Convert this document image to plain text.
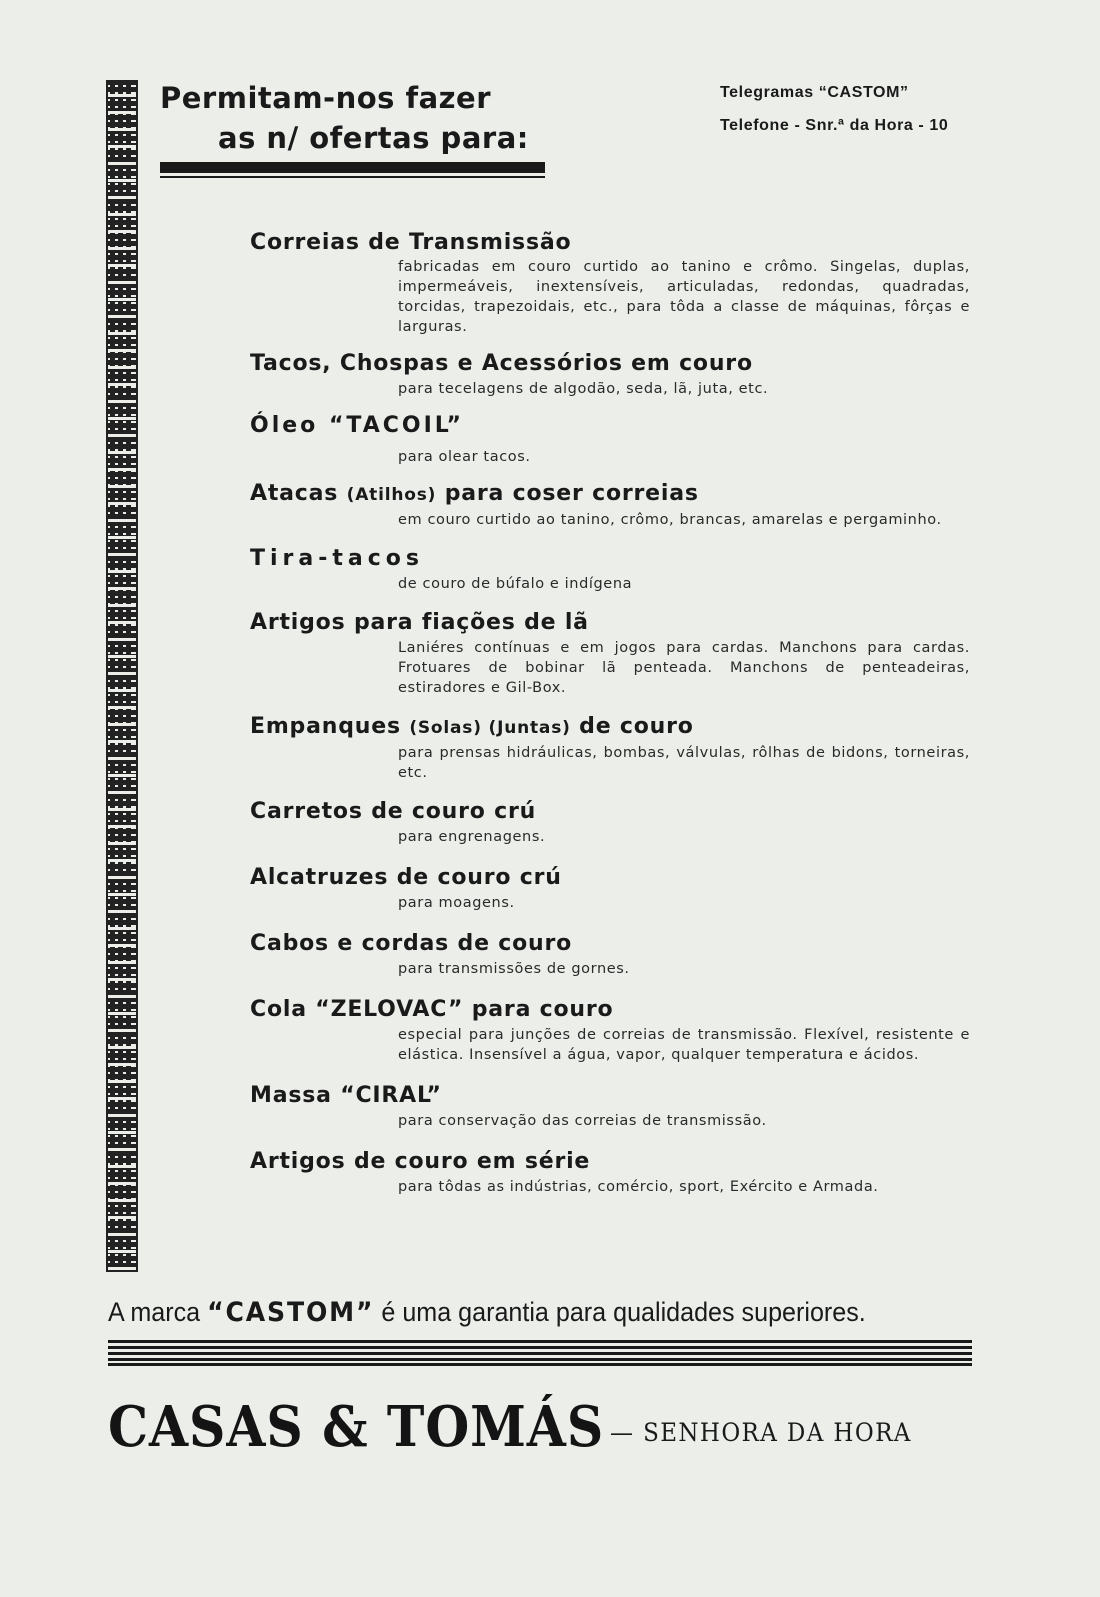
Permitam-nos fazer
as n/ ofertas para:
Telegramas “CASTOM”
Telefone - Snr.ª da Hora - 10
Correias de Transmissão
fabricadas em couro curtido ao tanino e crômo. Singelas, duplas, impermeáveis, inextensíveis, articuladas, redondas, quadradas, torcidas, trapezoidais, etc., para tôda a classe de máquinas, fôrças e larguras.
Tacos, Chospas e Acessórios em couro
para tecelagens de algodão, seda, lã, juta, etc.
Óleo “TACOIL”
para olear tacos.
Atacas (Atilhos) para coser correias
em couro curtido ao tanino, crômo, brancas, amarelas e pergaminho.
Tira-tacos
de couro de búfalo e indígena
Artigos para fiações de lã
Laniéres contínuas e em jogos para cardas. Manchons para cardas. Frotuares de bobinar lã penteada. Manchons de penteadeiras, estiradores e Gil-Box.
Empanques (Solas) (Juntas) de couro
para prensas hidráulicas, bombas, válvulas, rôlhas de bidons, torneiras, etc.
Carretos de couro crú
para engrenagens.
Alcatruzes de couro crú
para moagens.
Cabos e cordas de couro
para transmissões de gornes.
Cola “ZELOVAC” para couro
especial para junções de correias de transmissão. Flexível, resistente e elástica. Insensível a água, vapor, qualquer temperatura e ácidos.
Massa “CIRAL”
para conservação das correias de transmissão.
Artigos de couro em série
para tôdas as indústrias, comércio, sport, Exército e Armada.
A marca “CASTOM” é uma garantia para qualidades superiores.
CASAS & TOMÁS — SENHORA DA HORA
